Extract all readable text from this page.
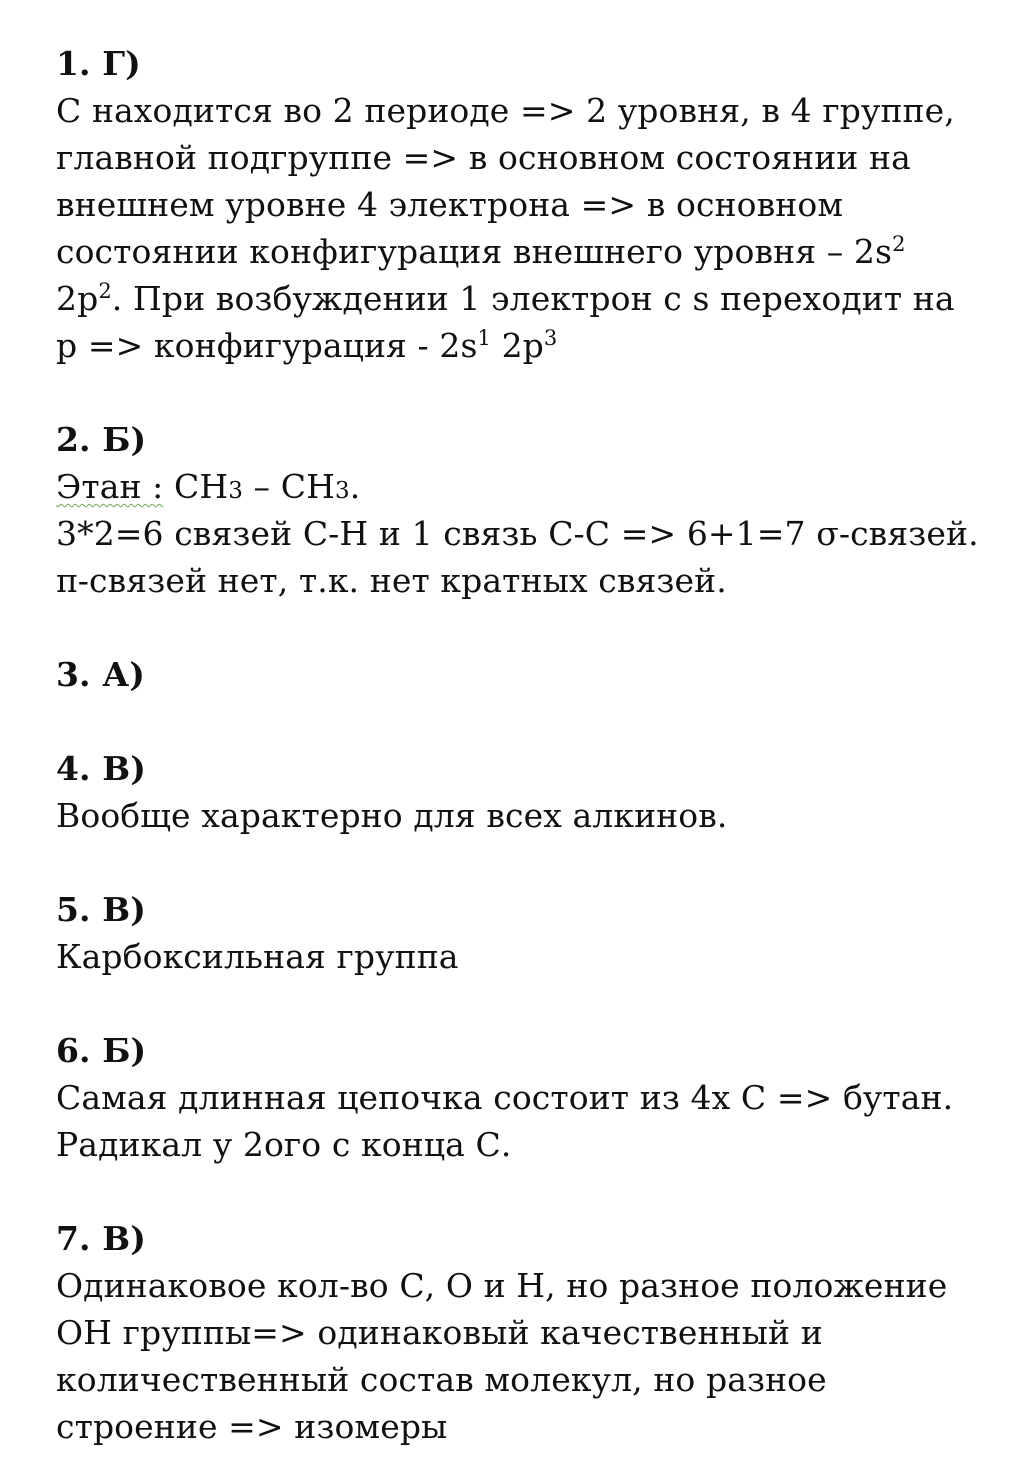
1. Г)
С находится во 2 периоде => 2 уровня, в 4 группе,
главной подгруппе => в основном состоянии на
внешнем уровне 4 электрона => в основном
состоянии конфигурация внешнего уровня – $2s^2$
$2p^2$. При возбуждении 1 электрон с s переходит на
p => конфигурация - $2s^1$ $2p^3$
2. Б)
Этан : CH3 – CH3.
3*2=6 связей С-Н и 1 связь С-С => 6+1=7 σ-связей.
π-связей нет, т.к. нет кратных связей.
3. А)
4. В)
Вообще характерно для всех алкинов.
5. В)
Карбоксильная группа
6. Б)
Самая длинная цепочка состоит из 4х С => бутан.
Радикал у 2ого с конца С.
7. В)
Одинаковое кол-во С, О и Н, но разное положение
ОН группы=> одинаковый качественный и
количественный состав молекул, но разное
строение => изомеры
